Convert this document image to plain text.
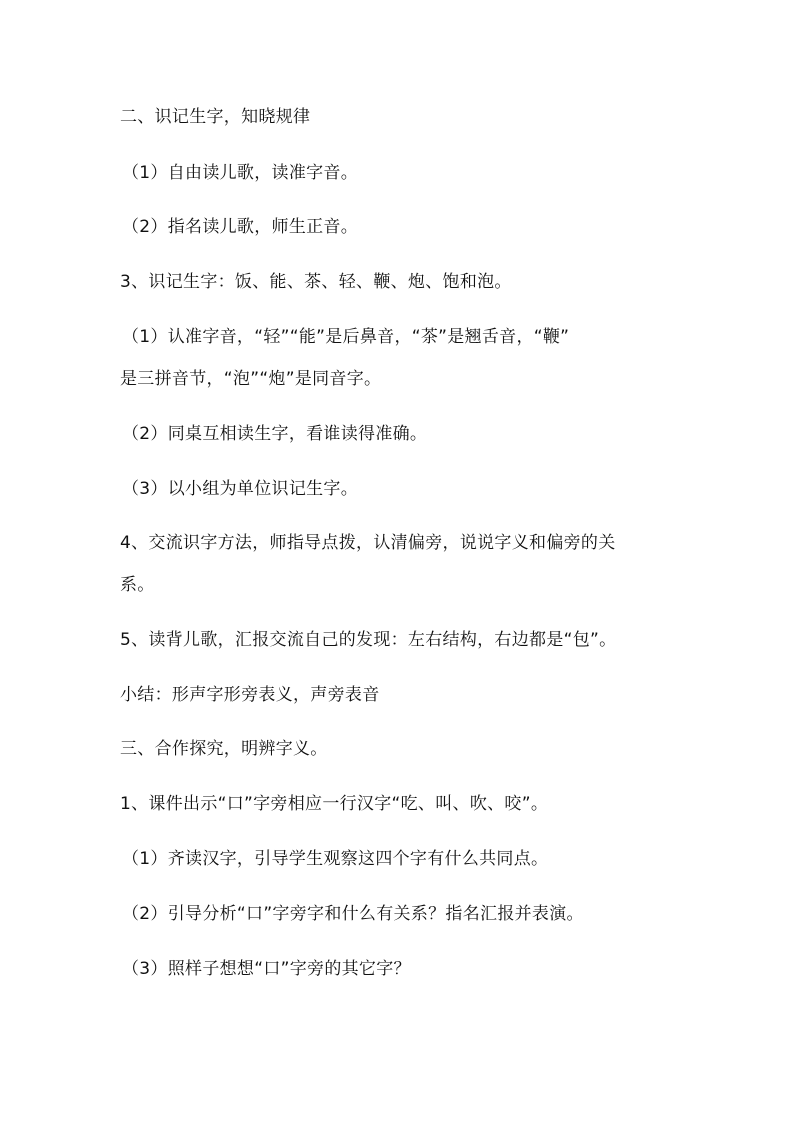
二、识记生字，知晓规律
（1）自由读儿歌，读准字音。
（2）指名读儿歌，师生正音。
3、识记生字：饭、能、茶、轻、鞭、炮、饱和泡。
（1）认准字音，“轻”“能”是后鼻音，“茶”是翘舌音，“鞭”
是三拼音节，“泡”“炮”是同音字。
（2）同桌互相读生字，看谁读得准确。
（3）以小组为单位识记生字。
4、交流识字方法，师指导点拨，认清偏旁，说说字义和偏旁的关
系。
5、读背儿歌，汇报交流自己的发现：左右结构，右边都是“包”。
小结：形声字形旁表义，声旁表音
三、合作探究，明辨字义。
1、课件出示“口”字旁相应一行汉字“吃、叫、吹、咬”。
（1）齐读汉字，引导学生观察这四个字有什么共同点。
（2）引导分析“口”字旁字和什么有关系？指名汇报并表演。
（3）照样子想想“口”字旁的其它字？
